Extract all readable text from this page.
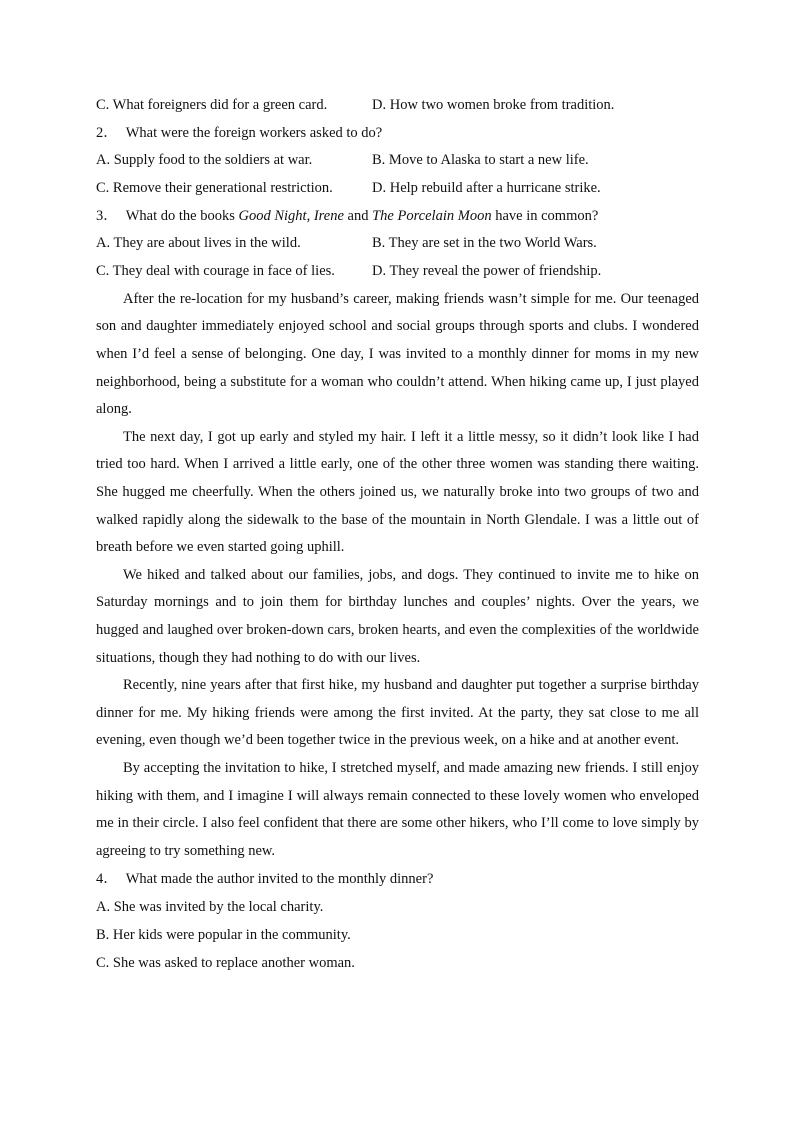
C. What foreigners did for a green card.	D. How two women broke from tradition.
2． What were the foreign workers asked to do?
A. Supply food to the soldiers at war.	B. Move to Alaska to start a new life.
C. Remove their generational restriction.	D. Help rebuild after a hurricane strike.
3． What do the books Good Night, Irene and The Porcelain Moon have in common?
A. They are about lives in the wild.	B. They are set in the two World Wars.
C. They deal with courage in face of lies.	D. They reveal the power of friendship.

After the re-location for my husband’s career, making friends wasn’t simple for me. Our teenaged son and daughter immediately enjoyed school and social groups through sports and clubs. I wondered when I’d feel a sense of belonging. One day, I was invited to a monthly dinner for moms in my new neighborhood, being a substitute for a woman who couldn’t attend. When hiking came up, I just played along.

The next day, I got up early and styled my hair. I left it a little messy, so it didn’t look like I had tried too hard. When I arrived a little early, one of the other three women was standing there waiting. She hugged me cheerfully. When the others joined us, we naturally broke into two groups of two and walked rapidly along the sidewalk to the base of the mountain in North Glendale. I was a little out of breath before we even started going uphill.

We hiked and talked about our families, jobs, and dogs. They continued to invite me to hike on Saturday mornings and to join them for birthday lunches and couples’ nights. Over the years, we hugged and laughed over broken-down cars, broken hearts, and even the complexities of the worldwide situations, though they had nothing to do with our lives.

Recently, nine years after that first hike, my husband and daughter put together a surprise birthday dinner for me. My hiking friends were among the first invited. At the party, they sat close to me all evening, even though we’d been together twice in the previous week, on a hike and at another event.

By accepting the invitation to hike, I stretched myself, and made amazing new friends. I still enjoy hiking with them, and I imagine I will always remain connected to these lovely women who enveloped me in their circle. I also feel confident that there are some other hikers, who I’ll come to love simply by agreeing to try something new.

4． What made the author invited to the monthly dinner?
A. She was invited by the local charity.
B. Her kids were popular in the community.
C. She was asked to replace another woman.
